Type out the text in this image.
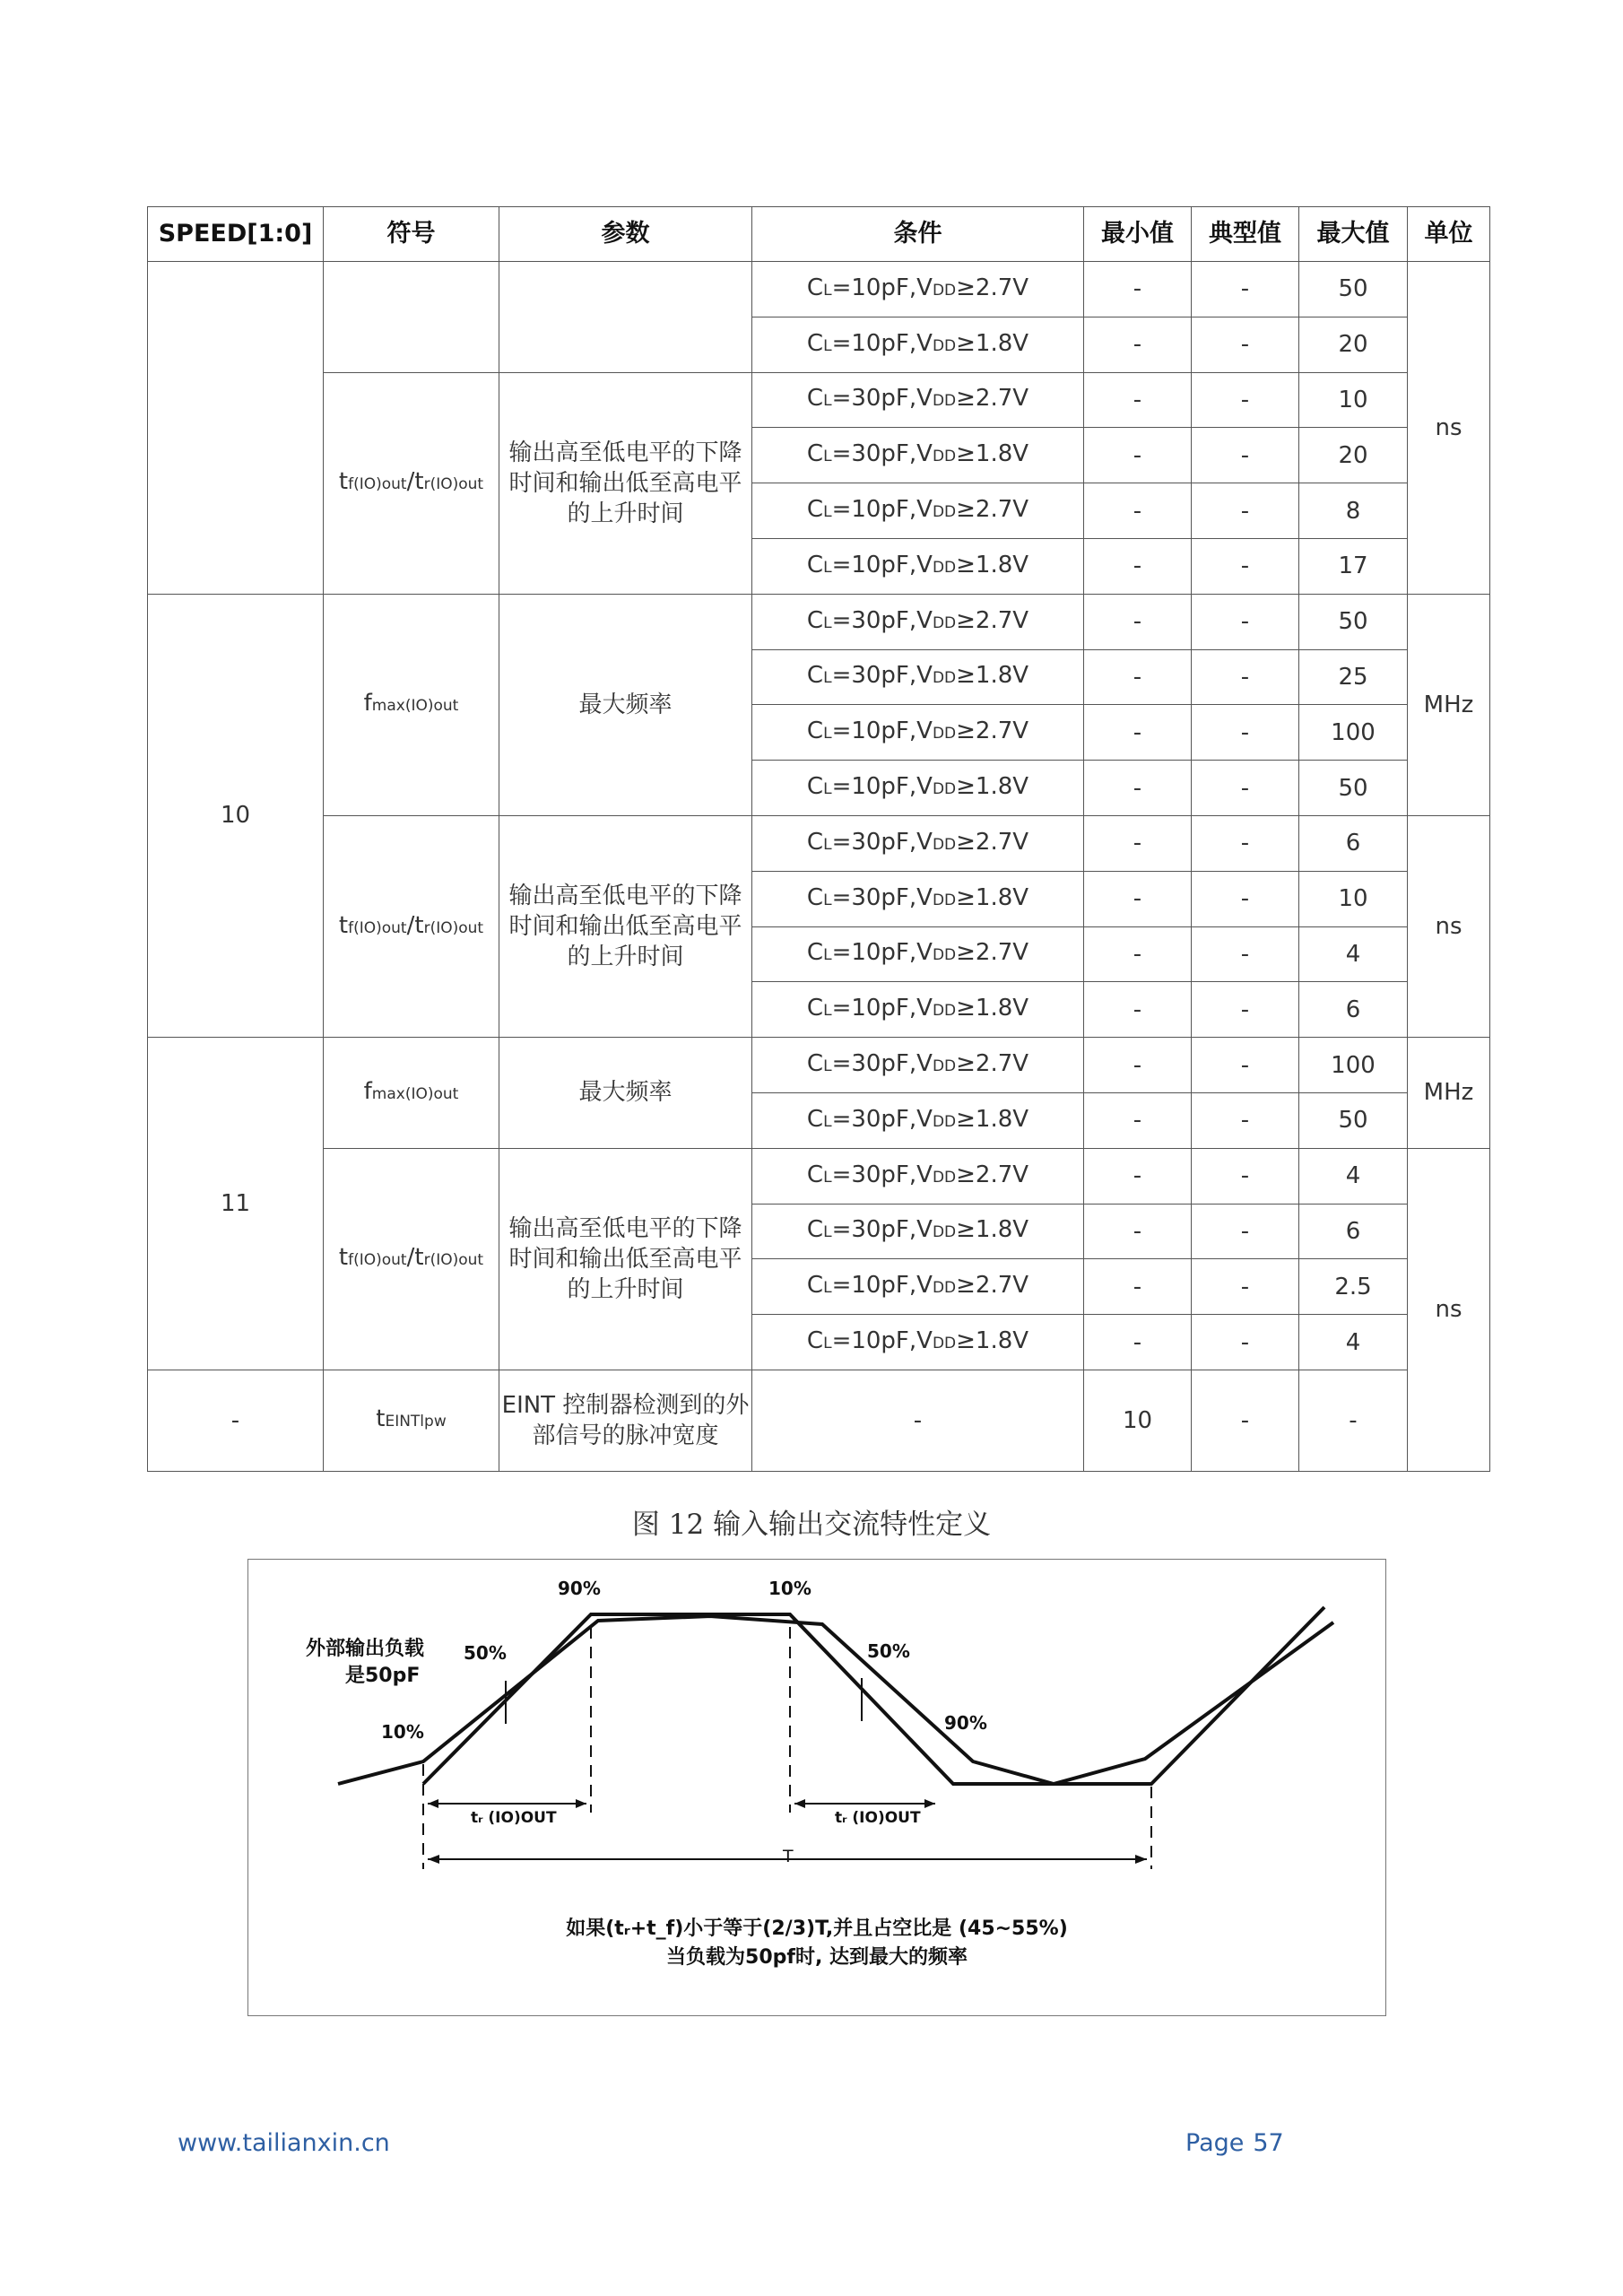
SPEED[1:0]	符号	参数	条件	最小值	典型值	最大值	单位
			CL=10pF,VDD≥2.7V	-	-	50	ns
			CL=10pF,VDD≥1.8V	-	-	20	
	tf(IO)out/tr(IO)out	输出高至低电平的下降时间和输出低至高电平的上升时间	CL=30pF,VDD≥2.7V	-	-	10	
			CL=30pF,VDD≥1.8V	-	-	20	
			CL=10pF,VDD≥2.7V	-	-	8	
			CL=10pF,VDD≥1.8V	-	-	17	
10	fmax(IO)out	最大频率	CL=30pF,VDD≥2.7V	-	-	50	MHz
			CL=30pF,VDD≥1.8V	-	-	25	
			CL=10pF,VDD≥2.7V	-	-	100	
			CL=10pF,VDD≥1.8V	-	-	50	
	tf(IO)out/tr(IO)out	输出高至低电平的下降时间和输出低至高电平的上升时间	CL=30pF,VDD≥2.7V	-	-	6	ns
			CL=30pF,VDD≥1.8V	-	-	10	
			CL=10pF,VDD≥2.7V	-	-	4	
			CL=10pF,VDD≥1.8V	-	-	6	
11	fmax(IO)out	最大频率	CL=30pF,VDD≥2.7V	-	-	100	MHz
			CL=30pF,VDD≥1.8V	-	-	50	
	tf(IO)out/tr(IO)out	输出高至低电平的下降时间和输出低至高电平的上升时间	CL=30pF,VDD≥2.7V	-	-	4	ns
			CL=30pF,VDD≥1.8V	-	-	6	
			CL=10pF,VDD≥2.7V	-	-	2.5	
			CL=10pF,VDD≥1.8V	-	-	4	
-	tEINTlpw	EINT 控制器检测到的外部信号的脉冲宽度	-	10	-	-	
图 12 输入输出交流特性定义
90%	10%
外部输出负载
是50pF
50%	50%
10%	90%
tᵣ (IO)OUT	tᵣ (IO)OUT
T
如果(tᵣ+t_f)小于等于(2/3)T,并且占空比是 (45~55%)
当负载为50pf时, 达到最大的频率
www.tailianxin.cn	Page 57
